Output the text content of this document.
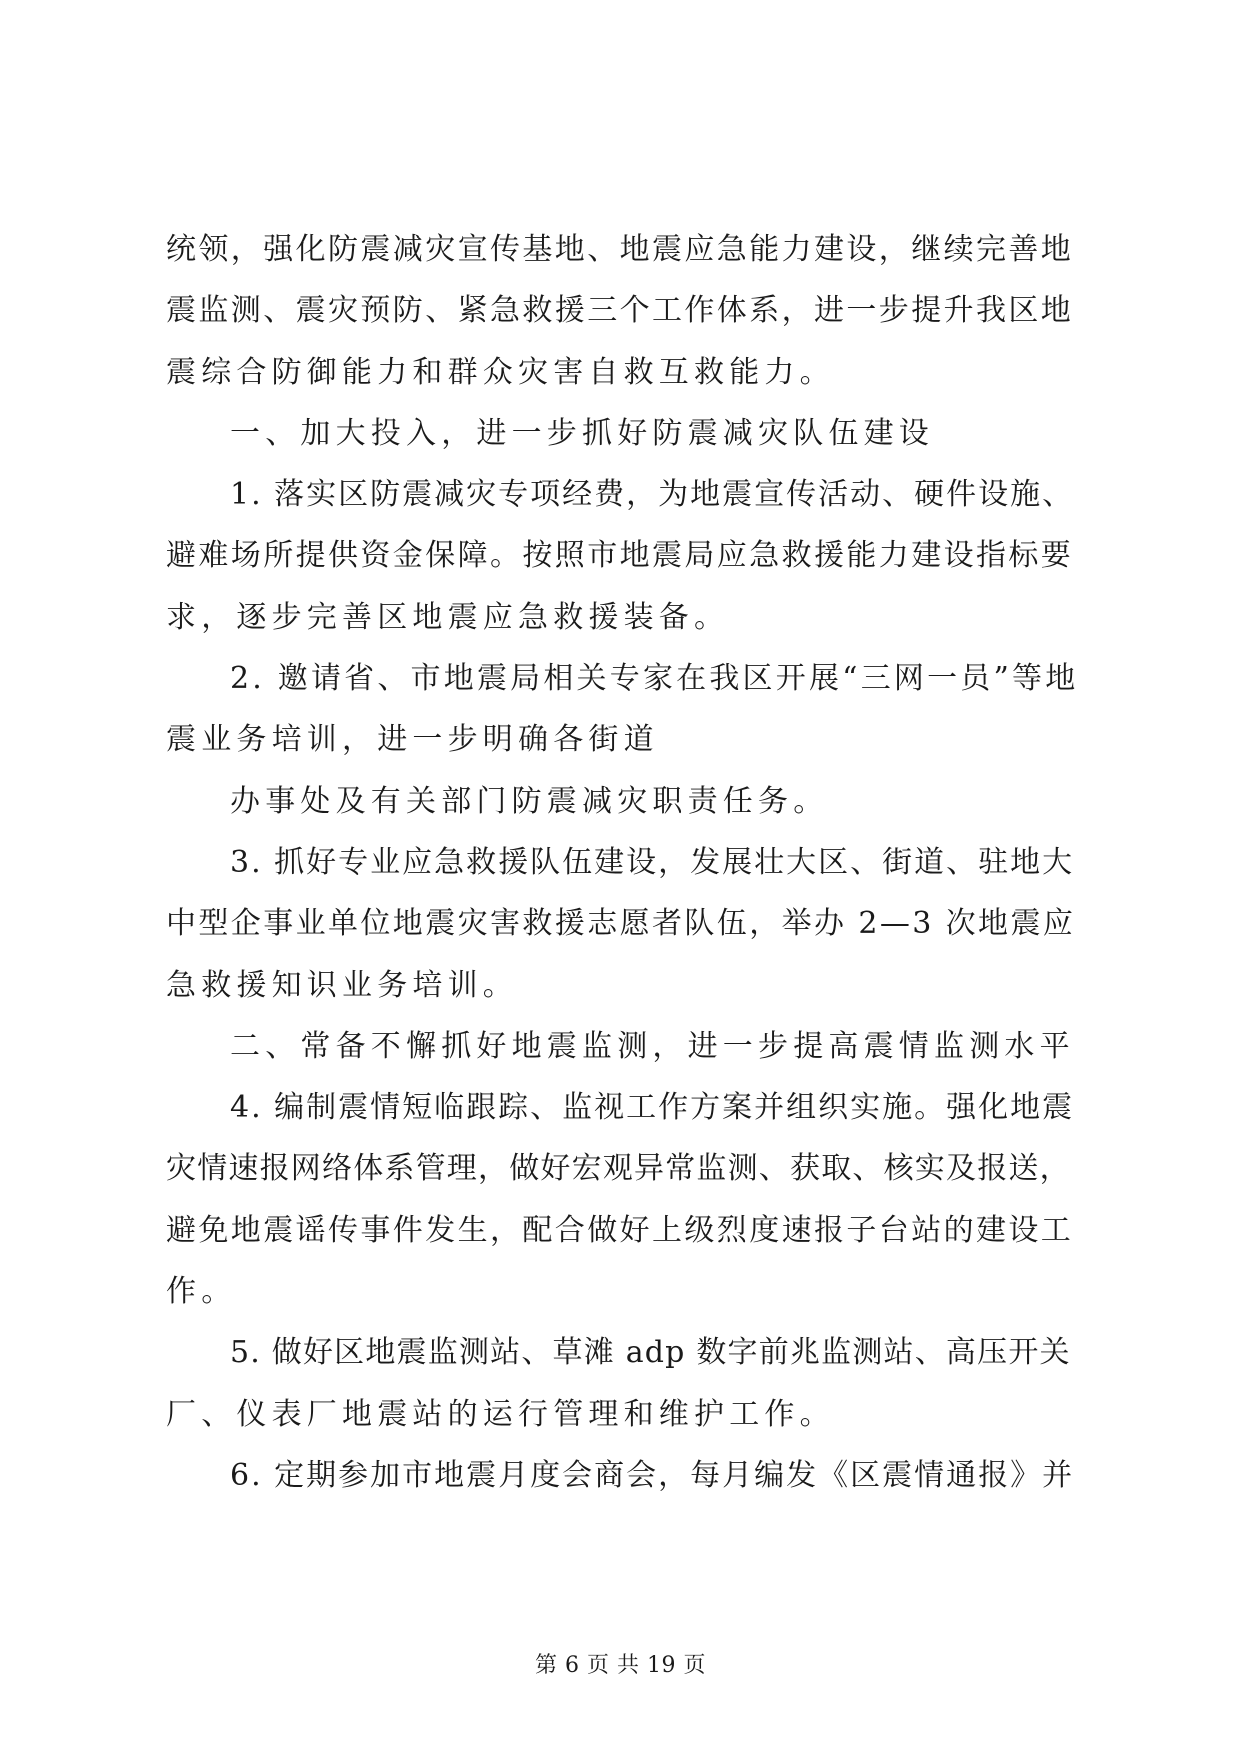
统领，强化防震减灾宣传基地、地震应急能力建设，继续完善地
震监测、震灾预防、紧急救援三个工作体系，进一步提升我区地
震综合防御能力和群众灾害自救互救能力。
一、加大投入，进一步抓好防震减灾队伍建设
1. 落实区防震减灾专项经费，为地震宣传活动、硬件设施、
避难场所提供资金保障。按照市地震局应急救援能力建设指标要
求，逐步完善区地震应急救援装备。
2. 邀请省、市地震局相关专家在我区开展“三网一员”等地
震业务培训，进一步明确各街道
办事处及有关部门防震减灾职责任务。
3. 抓好专业应急救援队伍建设，发展壮大区、街道、驻地大
中型企事业单位地震灾害救援志愿者队伍，举办 2—3 次地震应
急救援知识业务培训。
二、常备不懈抓好地震监测，进一步提高震情监测水平
4. 编制震情短临跟踪、监视工作方案并组织实施。强化地震
灾情速报网络体系管理，做好宏观异常监测、获取、核实及报送，
避免地震谣传事件发生，配合做好上级烈度速报子台站的建设工
作。
5. 做好区地震监测站、草滩 adp 数字前兆监测站、高压开关
厂、仪表厂地震站的运行管理和维护工作。
6. 定期参加市地震月度会商会，每月编发《区震情通报》并
第 6 页 共 19 页
